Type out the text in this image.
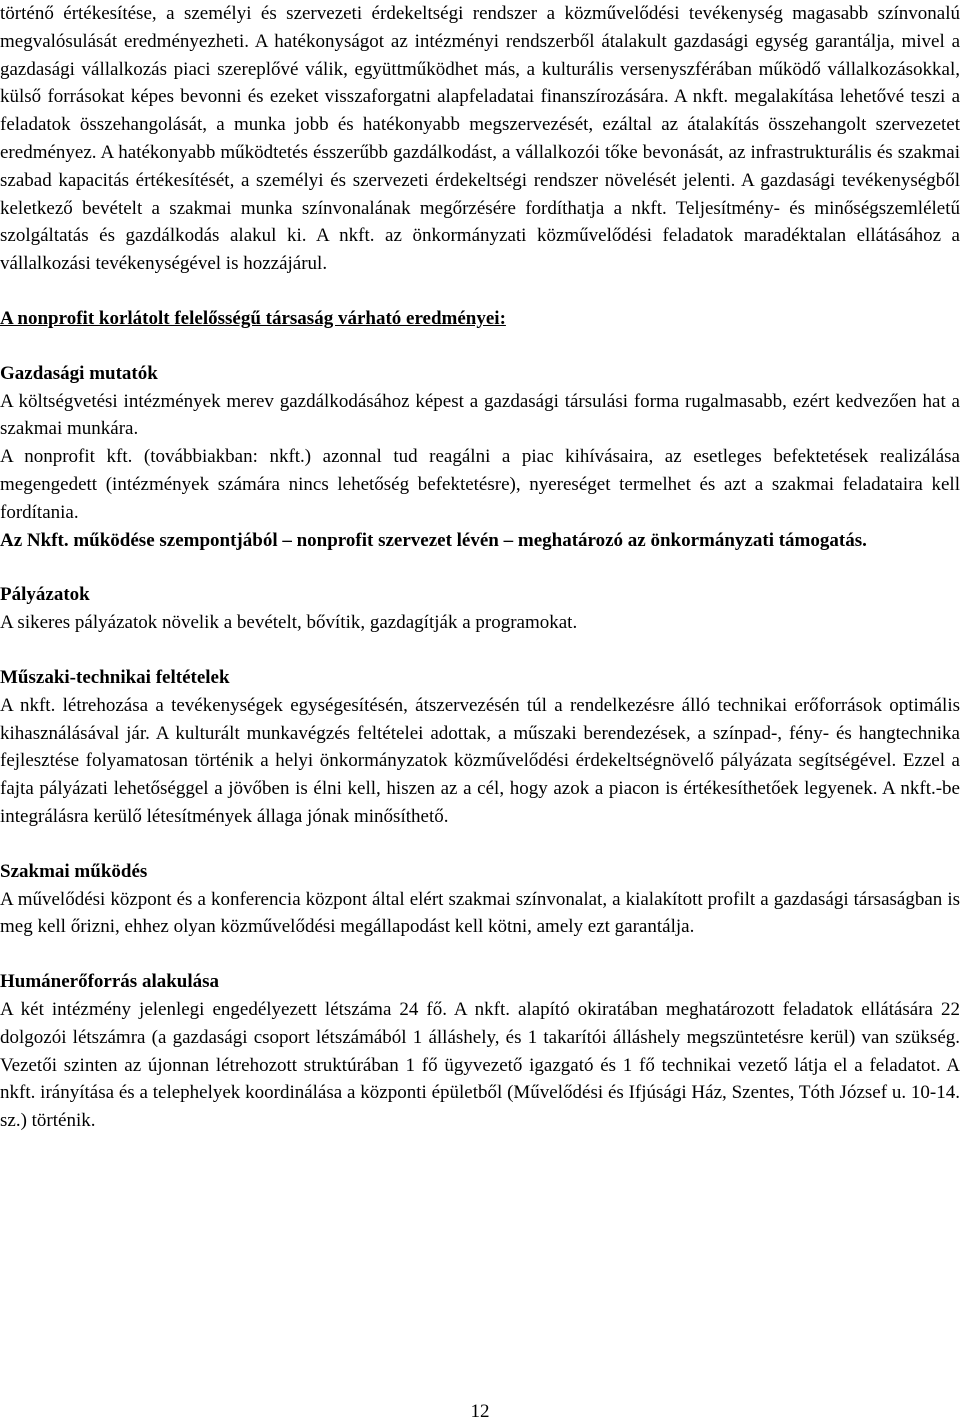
történő értékesítése, a személyi és szervezeti érdekeltségi rendszer a közművelődési tevékenység magasabb színvonalú megvalósulását eredményezheti. A hatékonyságot az intézményi rendszerből átalakult gazdasági egység garantálja, mivel a gazdasági vállalkozás piaci szereplővé válik, együttműködhet más, a kulturális versenyszférában működő vállalkozásokkal, külső forrásokat képes bevonni és ezeket visszaforgatni alapfeladatai finanszírozására. A nkft. megalakítása lehetővé teszi a feladatok összehangolását, a munka jobb és hatékonyabb megszervezését, ezáltal az átalakítás összehangolt szervezetet eredményez. A hatékonyabb működtetés ésszerűbb gazdálkodást, a vállalkozói tőke bevonását, az infrastrukturális és szakmai szabad kapacitás értékesítését, a személyi és szervezeti érdekeltségi rendszer növelését jelenti. A gazdasági tevékenységből keletkező bevételt a szakmai munka színvonalának megőrzésére fordíthatja a nkft. Teljesítmény- és minőségszemléletű szolgáltatás és gazdálkodás alakul ki. A nkft. az önkormányzati közművelődési feladatok maradéktalan ellátásához a vállalkozási tevékenységével is hozzájárul.

A nonprofit korlátolt felelősségű társaság várható eredményei:

Gazdasági mutatók

A költségvetési intézmények merev gazdálkodásához képest a gazdasági társulási forma rugalmasabb, ezért kedvezően hat a szakmai munkára.

A nonprofit kft. (továbbiakban: nkft.) azonnal tud reagálni a piac kihívásaira, az esetleges befektetések realizálása megengedett (intézmények számára nincs lehetőség befektetésre), nyereséget termelhet és azt a szakmai feladataira kell fordítania.

Az Nkft. működése szempontjából – nonprofit szervezet lévén – meghatározó az önkormányzati támogatás.

Pályázatok

A sikeres pályázatok növelik a bevételt, bővítik, gazdagítják a programokat.

Műszaki-technikai feltételek

A nkft. létrehozása a tevékenységek egységesítésén, átszervezésén túl a rendelkezésre álló technikai erőforrások optimális kihasználásával jár. A kulturált munkavégzés feltételei adottak, a műszaki berendezések, a színpad-, fény- és hangtechnika fejlesztése folyamatosan történik a helyi önkormányzatok közművelődési érdekeltségnövelő pályázata segítségével. Ezzel a fajta pályázati lehetőséggel a jövőben is élni kell, hiszen az a cél, hogy azok a piacon is értékesíthetőek legyenek. A nkft.-be integrálásra kerülő létesítmények állaga jónak minősíthető.

Szakmai működés

A művelődési központ és a konferencia központ által elért szakmai színvonalat, a kialakított profilt a gazdasági társaságban is meg kell őrizni, ehhez olyan közművelődési megállapodást kell kötni, amely ezt garantálja.

Humánerőforrás alakulása

A két intézmény jelenlegi engedélyezett létszáma 24 fő. A nkft. alapító okiratában meghatározott feladatok ellátására 22 dolgozói létszámra (a gazdasági csoport létszámából 1 álláshely, és 1 takarítói álláshely megszüntetésre kerül) van szükség. Vezetői szinten az újonnan létrehozott struktúrában 1 fő ügyvezető igazgató és 1 fő technikai vezető látja el a feladatot. A nkft. irányítása és a telephelyek koordinálása a központi épületből (Művelődési és Ifjúsági Ház, Szentes, Tóth József u. 10-14. sz.) történik.

12
